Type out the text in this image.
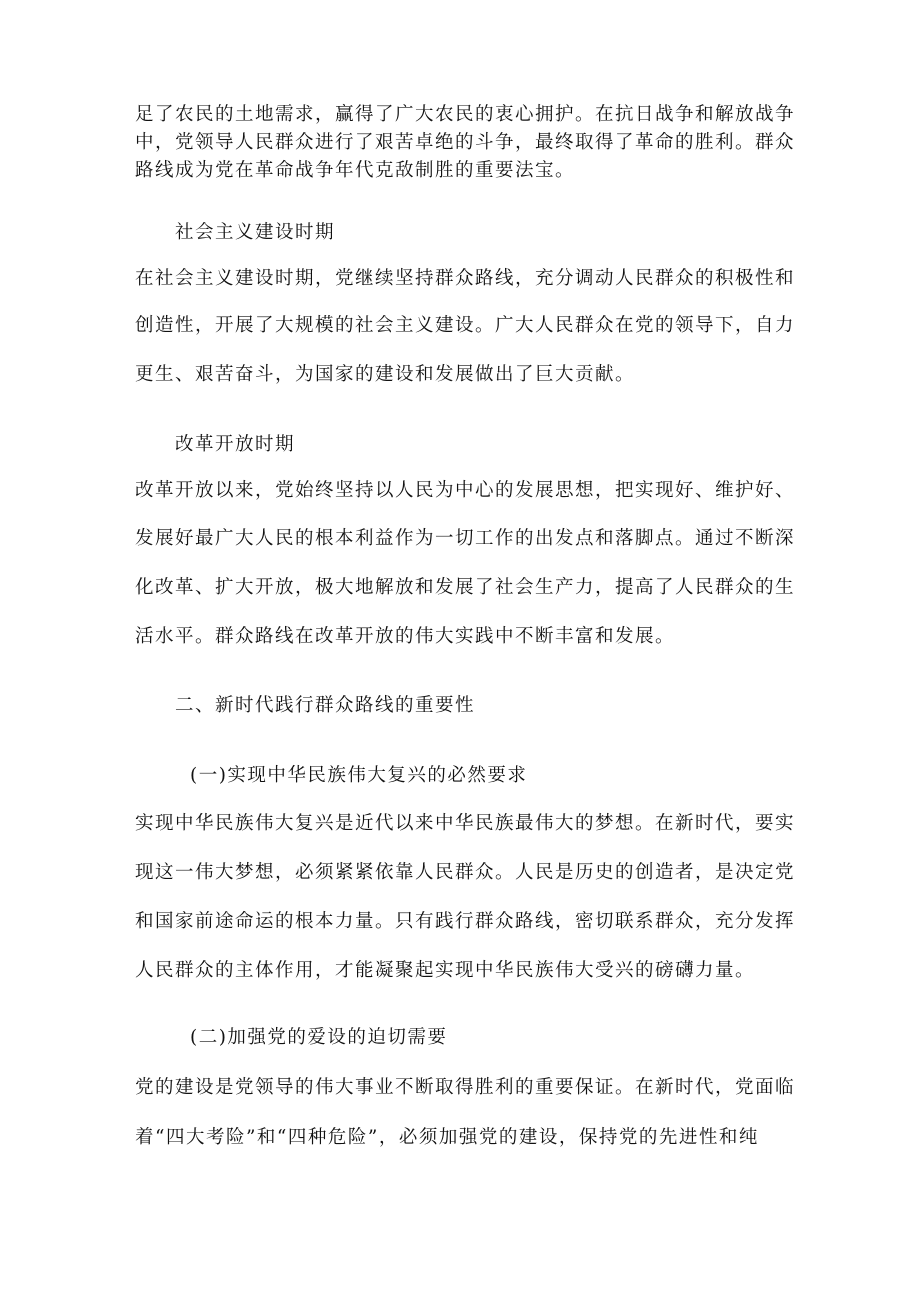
足了农民的土地需求，赢得了广大农民的衷心拥护。在抗日战争和解放战争
中，党领导人民群众进行了艰苦卓绝的斗争，最终取得了革命的胜利。群众
路线成为党在革命战争年代克敌制胜的重要法宝。
社会主义建设时期
在社会主义建设时期，党继续坚持群众路线，充分调动人民群众的积极性和
创造性，开展了大规模的社会主义建设。广大人民群众在党的领导下，自力
更生、艰苦奋斗，为国家的建设和发展做出了巨大贡献。
改革开放时期
改革开放以来，党始终坚持以人民为中心的发展思想，把实现好、维护好、
发展好最广大人民的根本利益作为一切工作的出发点和落脚点。通过不断深
化改革、扩大开放，极大地解放和发展了社会生产力，提高了人民群众的生
活水平。群众路线在改革开放的伟大实践中不断丰富和发展。
二、新时代践行群众路线的重要性
(一)实现中华民族伟大复兴的必然要求
实现中华民族伟大复兴是近代以来中华民族最伟大的梦想。在新时代，要实
现这一伟大梦想，必须紧紧依靠人民群众。人民是历史的创造者，是决定党
和国家前途命运的根本力量。只有践行群众路线，密切联系群众，充分发挥
人民群众的主体作用，才能凝聚起实现中华民族伟大受兴的磅礴力量。
(二)加强党的爱设的迫切需要
党的建设是党领导的伟大事业不断取得胜利的重要保证。在新时代，党面临
着“四大考险”和“四种危险”，必须加强党的建设，保持党的先进性和纯
